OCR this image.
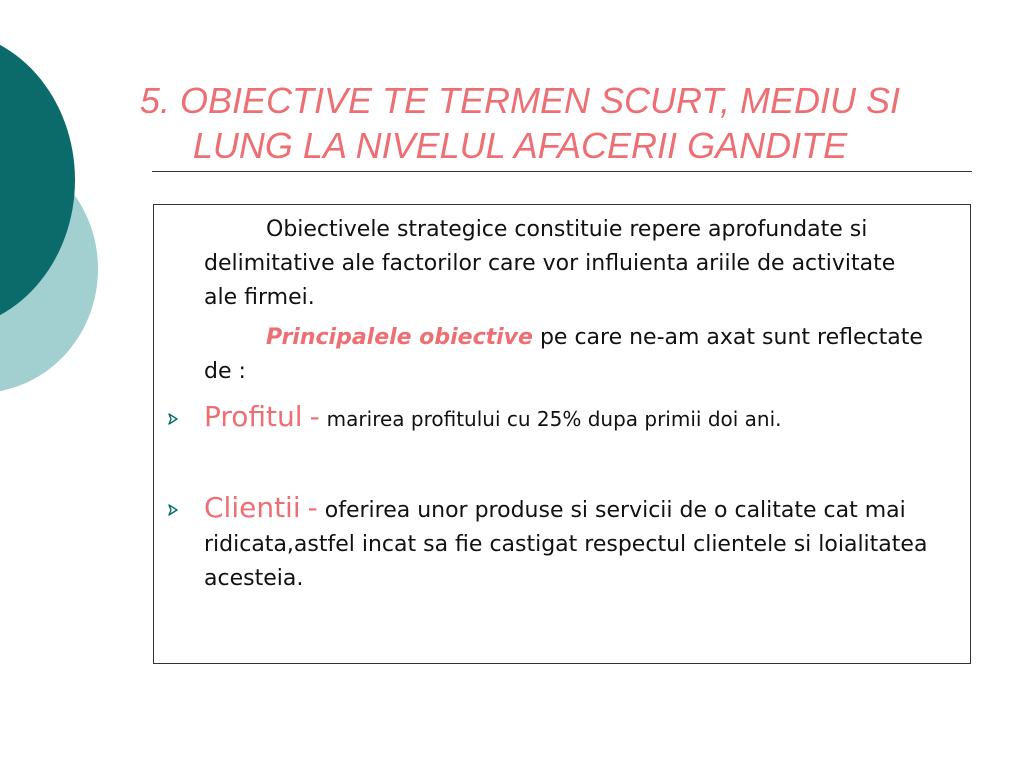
5. OBIECTIVE TE TERMEN SCURT, MEDIU SI LUNG LA NIVELUL AFACERII GANDITE

Obiectivele strategice constituie repere aprofundate si delimitative ale factorilor care vor influienta ariile de activitate ale firmei.

Principalele obiective pe care ne-am axat sunt reflectate de :

Profitul - marirea profitului cu 25% dupa primii doi ani.

Clientii - oferirea unor produse si servicii de o calitate cat mai ridicata,astfel incat sa fie castigat respectul clientele si loialitatea acesteia.
